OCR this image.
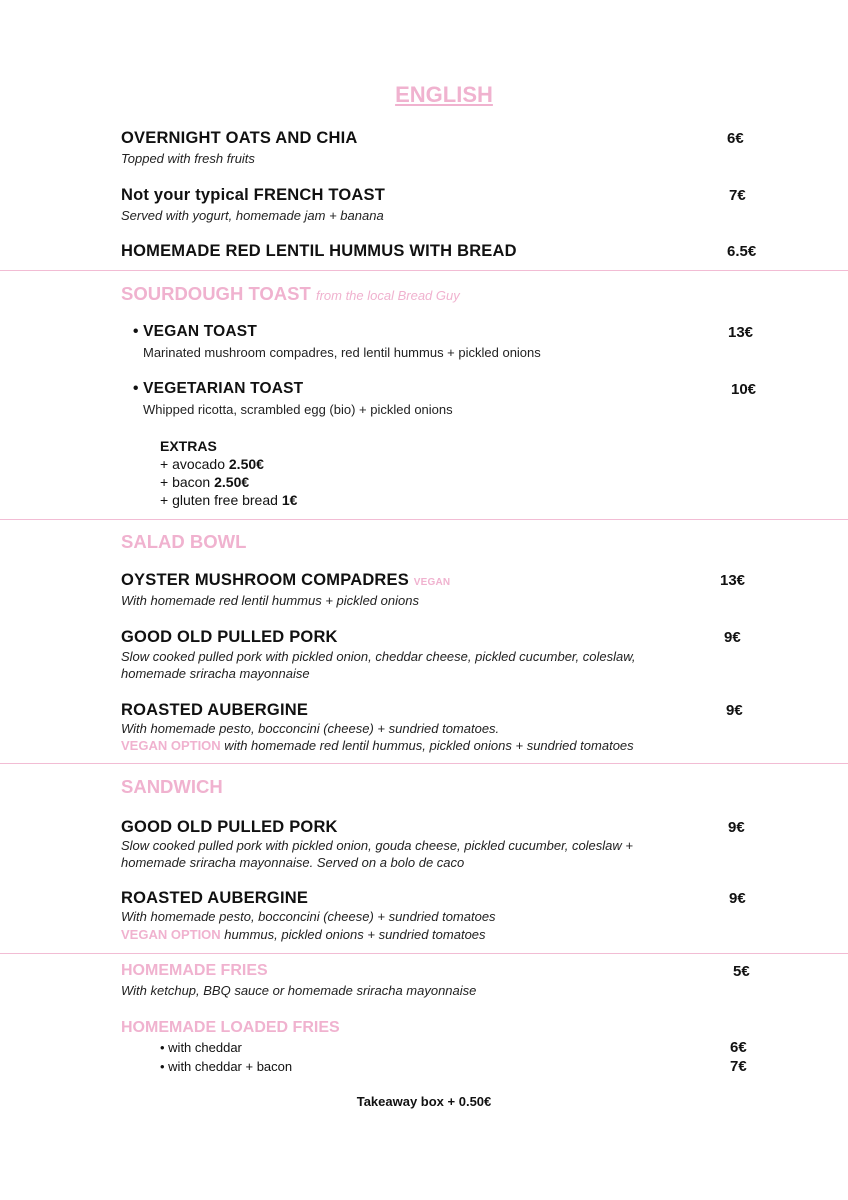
ENGLISH
OVERNIGHT OATS AND CHIA
Topped with fresh fruits
6€
Not your typical FRENCH TOAST
Served with yogurt, homemade jam + banana
7€
HOMEMADE RED LENTIL HUMMUS WITH BREAD	6.5€
SOURDOUGH TOAST from the local Bread Guy
• VEGAN TOAST
Marinated mushroom compadres, red lentil hummus + pickled onions
13€
• VEGETARIAN TOAST
Whipped ricotta, scrambled egg (bio) + pickled onions
10€
EXTRAS
+ avocado 2.50€
+ bacon 2.50€
+ gluten free bread 1€
SALAD BOWL
OYSTER MUSHROOM COMPADRES VEGAN
With homemade red lentil hummus + pickled onions
13€
GOOD OLD PULLED PORK
Slow cooked pulled pork with pickled onion, cheddar cheese, pickled cucumber, coleslaw,
homemade sriracha mayonnaise
9€
ROASTED AUBERGINE
With homemade pesto, bocconcini (cheese) + sundried tomatoes.
VEGAN OPTION with homemade red lentil hummus, pickled onions + sundried tomatoes
9€
SANDWICH
GOOD OLD PULLED PORK
Slow cooked pulled pork with pickled onion, gouda cheese, pickled cucumber, coleslaw +
homemade sriracha mayonnaise. Served on a bolo de caco
9€
ROASTED AUBERGINE
With homemade pesto, bocconcini (cheese) + sundried tomatoes
VEGAN OPTION hummus, pickled onions + sundried tomatoes
9€
HOMEMADE FRIES
With ketchup, BBQ sauce or homemade sriracha mayonnaise
5€
HOMEMADE LOADED FRIES
• with cheddar	6€
• with cheddar + bacon	7€
Takeaway box + 0.50€
